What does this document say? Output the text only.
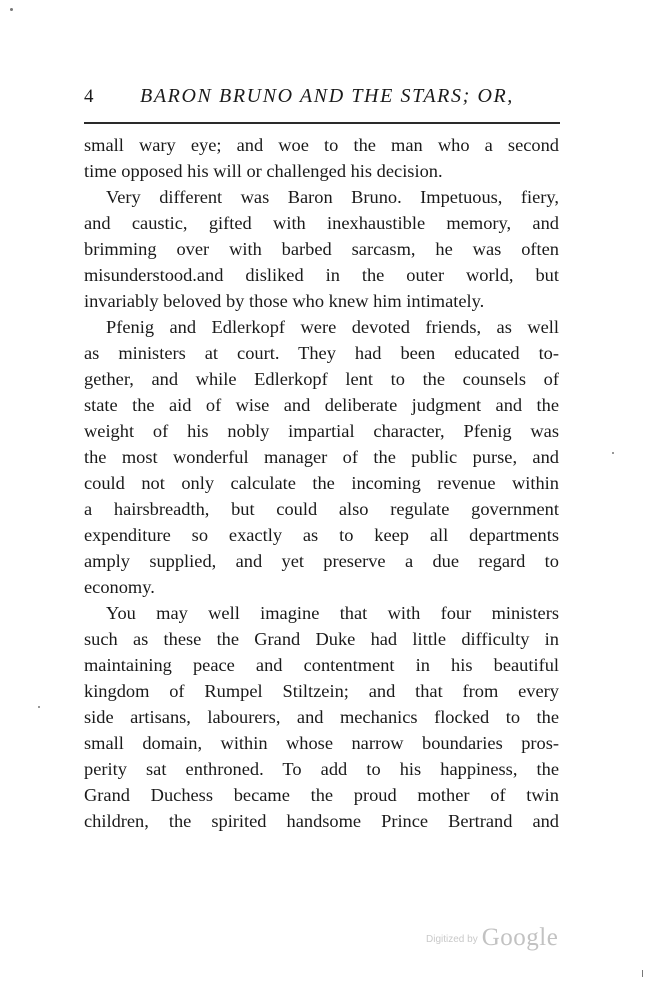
4 BARON BRUNO AND THE STARS; OR,
small wary eye; and woe to the man who a second
time opposed his will or challenged his decision.
Very different was Baron Bruno. Impetuous, fiery,
and caustic, gifted with inexhaustible memory, and
brimming over with barbed sarcasm, he was often
misunderstood.and disliked in the outer world, but
invariably beloved by those who knew him intimately.
Pfenig and Edlerkopf were devoted friends, as well
as ministers at court. They had been educated to-
gether, and while Edlerkopf lent to the counsels of
state the aid of wise and deliberate judgment and the
weight of his nobly impartial character, Pfenig was
the most wonderful manager of the public purse, and
could not only calculate the incoming revenue within
a hairsbreadth, but could also regulate government
expenditure so exactly as to keep all departments
amply supplied, and yet preserve a due regard to
economy.
You may well imagine that with four ministers
such as these the Grand Duke had little difficulty in
maintaining peace and contentment in his beautiful
kingdom of Rumpel Stiltzein; and that from every
side artisans, labourers, and mechanics flocked to the
small domain, within whose narrow boundaries pros-
perity sat enthroned. To add to his happiness, the
Grand Duchess became the proud mother of twin
children, the spirited handsome Prince Bertrand and
Digitized by Google
